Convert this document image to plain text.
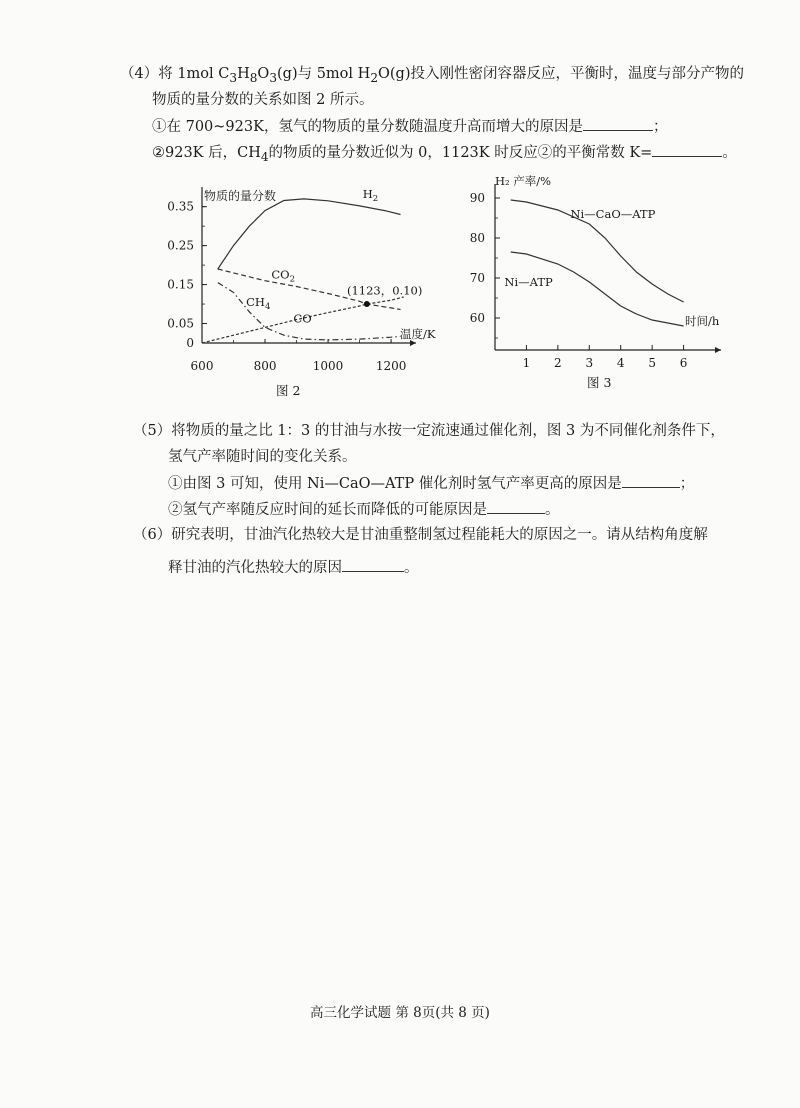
（4）将 1mol $C_3H_8O_3(g)$与 5mol $H_2O(g)$投入刚性密闭容器反应，平衡时，温度与部分产物的
物质的量分数的关系如图 2 所示。
①在 700~923K，氢气的物质的量分数随温度升高而增大的原因是	；
②923K 后，$CH_4$的物质的量分数近似为 0，1123K 时反应②的平衡常数 K=	。
物质的量分数
温度/K
0
0.05
0.15
0.25
0.35
600	800	1000	1200
$H_2$
$CO_2$
$CH_4$
CO
(1123，0.10)
图 2
H₂ 产率/%
时间/h
60
70
80
90
1 2 3 4 5 6
Ni—CaO—ATP
Ni—ATP
图 3
（5）将物质的量之比 1：3 的甘油与水按一定流速通过催化剂，图 3 为不同催化剂条件下，
氢气产率随时间的变化关系。
①由图 3 可知，使用 Ni—CaO—ATP 催化剂时氢气产率更高的原因是	；
②氢气产率随反应时间的延长而降低的可能原因是	。
（6）研究表明，甘油汽化热较大是甘油重整制氢过程能耗大的原因之一。请从结构角度解
释甘油的汽化热较大的原因	。
高三化学试题 第 8页(共 8 页)
